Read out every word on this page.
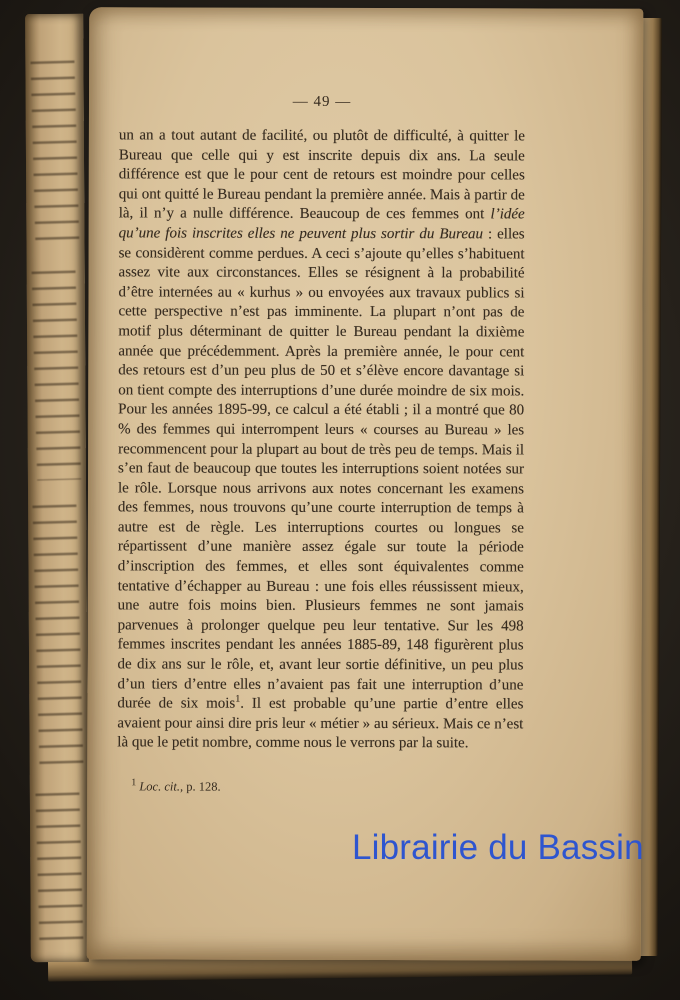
— 49 —
un an a tout autant de facilité, ou plutôt de difficulté, à quitter le Bureau que celle qui y est inscrite depuis dix ans. La seule différence est que le pour cent de retours est moindre pour celles qui ont quitté le Bureau pendant la première année. Mais à partir de là, il n’y a nulle différence. Beaucoup de ces femmes ont l’idée qu’une fois inscrites elles ne peuvent plus sortir du Bureau : elles se considèrent comme perdues. A ceci s’ajoute qu’elles s’habituent assez vite aux circonstances. Elles se résignent à la probabilité d’être internées au « kurhus » ou envoyées aux travaux publics si cette perspective n’est pas imminente. La plupart n’ont pas de motif plus déterminant de quitter le Bureau pendant la dixième année que précédemment. Après la première année, le pour cent des retours est d’un peu plus de 50 et s’élève encore davantage si on tient compte des interruptions d’une durée moindre de six mois. Pour les années 1895-99, ce calcul a été établi ; il a montré que 80 % des femmes qui interrompent leurs « courses au Bureau » les recommencent pour la plupart au bout de très peu de temps. Mais il s’en faut de beaucoup que toutes les interruptions soient notées sur le rôle. Lorsque nous arrivons aux notes concernant les examens des femmes, nous trouvons qu’une courte interruption de temps à autre est de règle. Les interruptions courtes ou longues se répartissent d’une manière assez égale sur toute la période d’inscription des femmes, et elles sont équivalentes comme tentative d’échapper au Bureau : une fois elles réussissent mieux, une autre fois moins bien. Plusieurs femmes ne sont jamais parvenues à prolonger quelque peu leur tentative. Sur les 498 femmes inscrites pendant les années 1885-89, 148 figurèrent plus de dix ans sur le rôle, et, avant leur sortie définitive, un peu plus d’un tiers d’entre elles n’avaient pas fait une interruption d’une durée de six mois$^1$. Il est probable qu’une partie d’entre elles avaient pour ainsi dire pris leur « métier » au sérieux. Mais ce n’est là que le petit nombre, comme nous le verrons par la suite.
$^1$ Loc. cit., p. 128.
Librairie du Bassin
